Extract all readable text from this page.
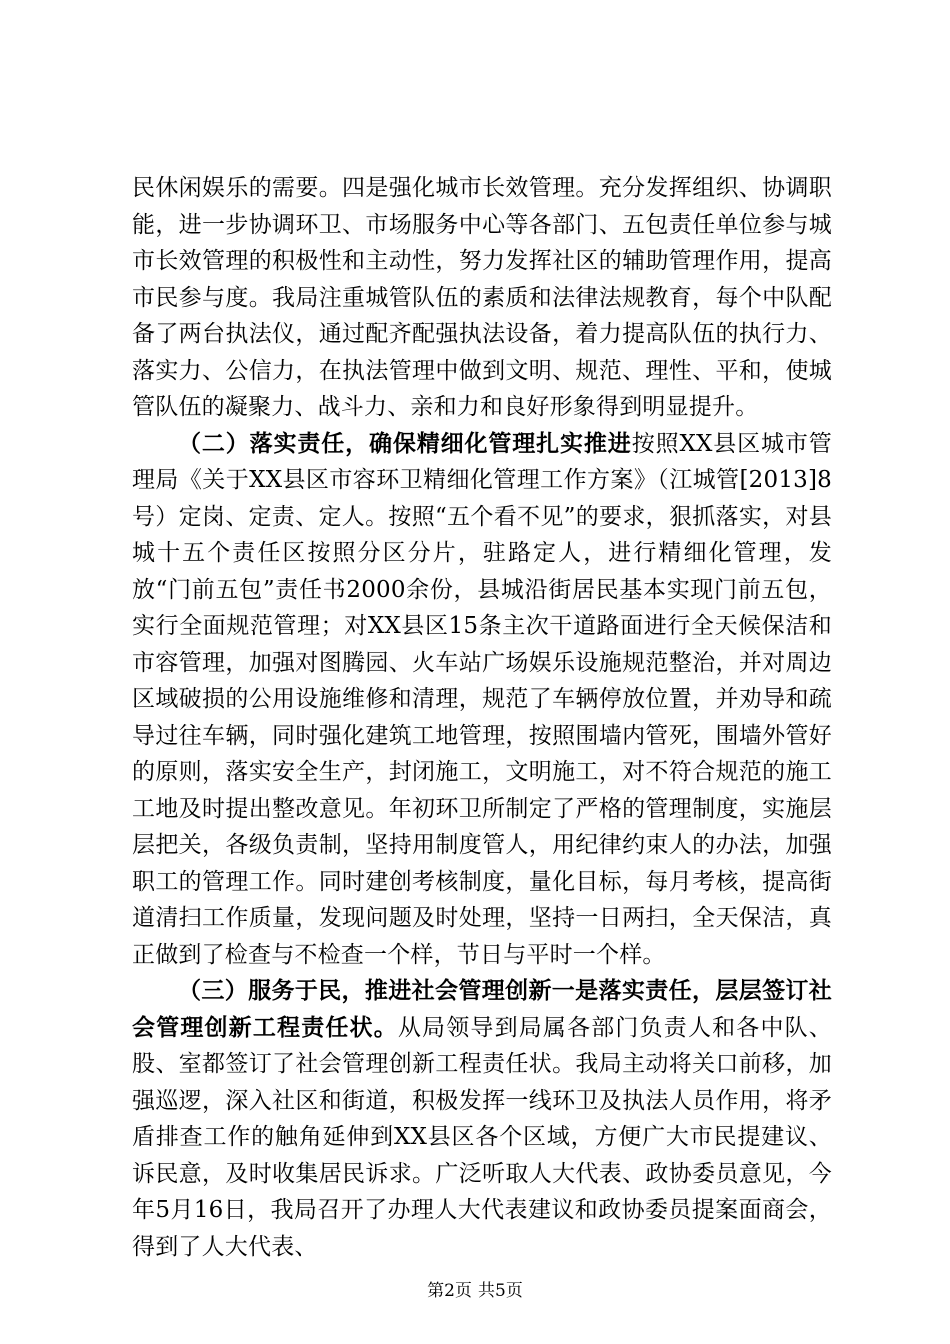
民休闲娱乐的需要。四是强化城市长效管理。充分发挥组织、协调职能，进一步协调环卫、市场服务中心等各部门、五包责任单位参与城市长效管理的积极性和主动性，努力发挥社区的辅助管理作用，提高市民参与度。我局注重城管队伍的素质和法律法规教育，每个中队配备了两台执法仪，通过配齐配强执法设备，着力提高队伍的执行力、落实力、公信力，在执法管理中做到文明、规范、理性、平和，使城管队伍的凝聚力、战斗力、亲和力和良好形象得到明显提升。

（二）落实责任，确保精细化管理扎实推进按照XX县区城市管理局《关于XX县区市容环卫精细化管理工作方案》（江城管[2013]8号）定岗、定责、定人。按照“五个看不见”的要求，狠抓落实，对县城十五个责任区按照分区分片，驻路定人，进行精细化管理，发放“门前五包”责任书2000余份，县城沿街居民基本实现门前五包，实行全面规范管理；对XX县区15条主次干道路面进行全天候保洁和市容管理，加强对图腾园、火车站广场娱乐设施规范整治，并对周边区域破损的公用设施维修和清理，规范了车辆停放位置，并劝导和疏导过往车辆，同时强化建筑工地管理，按照围墙内管死，围墙外管好的原则，落实安全生产，封闭施工，文明施工，对不符合规范的施工工地及时提出整改意见。年初环卫所制定了严格的管理制度，实施层层把关，各级负责制，坚持用制度管人，用纪律约束人的办法，加强职工的管理工作。同时建创考核制度，量化目标，每月考核，提高街道清扫工作质量，发现问题及时处理，坚持一日两扫，全天保洁，真正做到了检查与不检查一个样，节日与平时一个样。

（三）服务于民，推进社会管理创新一是落实责任，层层签订社会管理创新工程责任状。从局领导到局属各部门负责人和各中队、股、室都签订了社会管理创新工程责任状。我局主动将关口前移，加强巡逻，深入社区和街道，积极发挥一线环卫及执法人员作用，将矛盾排查工作的触角延伸到XX县区各个区域，方便广大市民提建议、诉民意，及时收集居民诉求。广泛听取人大代表、政协委员意见，今年5月16日，我局召开了办理人大代表建议和政协委员提案面商会，得到了人大代表、

第2页 共5页
